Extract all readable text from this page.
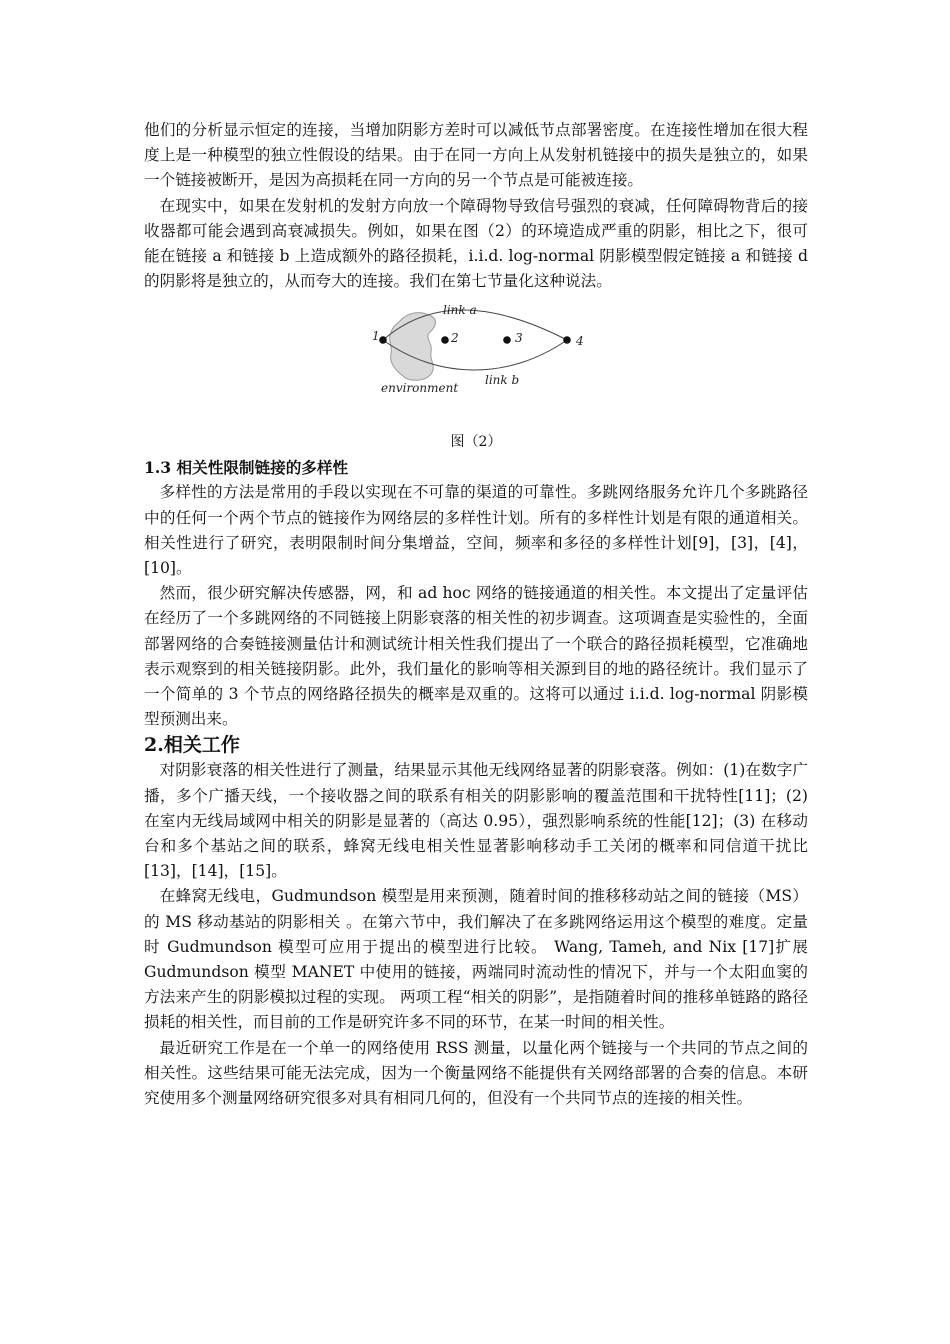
他们的分析显示恒定的连接，当增加阴影方差时可以减低节点部署密度。在连接性增加在很大程度上是一种模型的独立性假设的结果。由于在同一方向上从发射机链接中的损失是独立的，如果一个链接被断开，是因为高损耗在同一方向的另一个节点是可能被连接。

在现实中，如果在发射机的发射方向放一个障碍物导致信号强烈的衰减，任何障碍物背后的接收器都可能会遇到高衰减损失。例如，如果在图（2）的环境造成严重的阴影，相比之下，很可能在链接 a 和链接 b 上造成额外的路径损耗，i.i.d. log-normal 阴影模型假定链接 a 和链接 d 的阴影将是独立的，从而夸大的连接。我们在第七节量化这种说法。

1	2	3	4
link a
link b
environment
图（2）
1.3 相关性限制链接的多样性

多样性的方法是常用的手段以实现在不可靠的渠道的可靠性。多跳网络服务允许几个多跳路径中的任何一个两个节点的链接作为网络层的多样性计划。所有的多样性计划是有限的通道相关。相关性进行了研究，表明限制时间分集增益，空间，频率和多径的多样性计划[9]，[3]，[4]，[10]。

然而，很少研究解决传感器，网，和 ad hoc 网络的链接通道的相关性。本文提出了定量评估在经历了一个多跳网络的不同链接上阴影衰落的相关性的初步调查。这项调查是实验性的，全面部署网络的合奏链接测量估计和测试统计相关性我们提出了一个联合的路径损耗模型，它准确地表示观察到的相关链接阴影。此外，我们量化的影响等相关源到目的地的路径统计。我们显示了一个简单的 3 个节点的网络路径损失的概率是双重的。这将可以通过 i.i.d. log-normal 阴影模型预测出来。

2.相关工作

对阴影衰落的相关性进行了测量，结果显示其他无线网络显著的阴影衰落。例如：(1)在数字广播，多个广播天线，一个接收器之间的联系有相关的阴影影响的覆盖范围和干扰特性[11]；(2) 在室内无线局域网中相关的阴影是显著的（高达 0.95），强烈影响系统的性能[12]；(3) 在移动台和多个基站之间的联系，蜂窝无线电相关性显著影响移动手工关闭的概率和同信道干扰比[13]，[14]，[15]。

在蜂窝无线电，Gudmundson 模型是用来预测，随着时间的推移移动站之间的链接（MS）的 MS 移动基站的阴影相关 。在第六节中，我们解决了在多跳网络运用这个模型的难度。定量时 Gudmundson 模型可应用于提出的模型进行比较。 Wang, Tameh, and Nix [17]扩展 Gudmundson 模型 MANET 中使用的链接，两端同时流动性的情况下，并与一个太阳血窦的方法来产生的阴影模拟过程的实现。 两项工程“相关的阴影”，是指随着时间的推移单链路的路径损耗的相关性，而目前的工作是研究许多不同的环节，在某一时间的相关性。

最近研究工作是在一个单一的网络使用 RSS 测量，以量化两个链接与一个共同的节点之间的相关性。这些结果可能无法完成，因为一个衡量网络不能提供有关网络部署的合奏的信息。本研究使用多个测量网络研究很多对具有相同几何的，但没有一个共同节点的连接的相关性。
